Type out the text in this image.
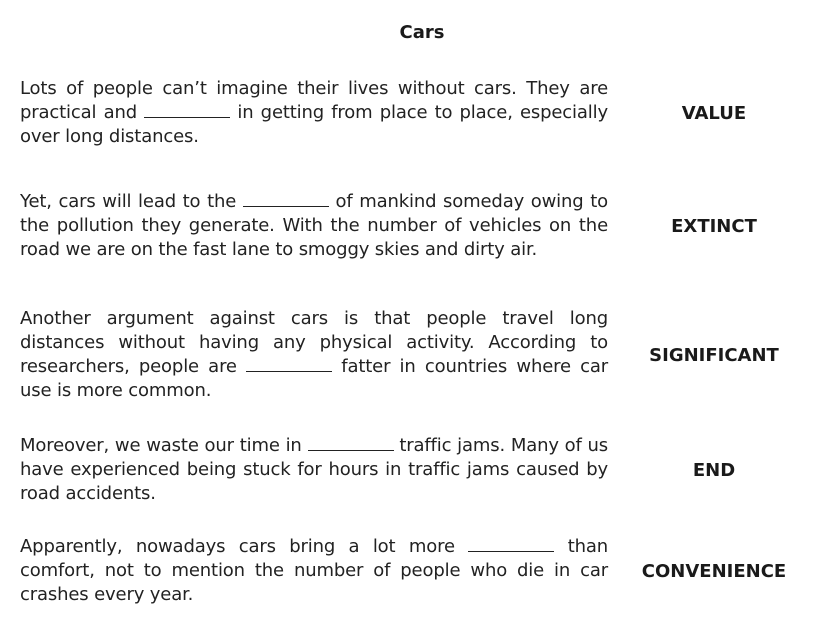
Cars

Lots of people can’t imagine their lives without cars. They are practical and	in getting from place to place, especially over long distances.

VALUE

Yet, cars will lead to the	of mankind someday owing to the pollution they generate. With the number of vehicles on the road we are on the fast lane to smoggy skies and dirty air.

EXTINCT

Another argument against cars is that people travel long distances without having any physical activity. According to researchers, people are	fatter in countries where car use is more common.

SIGNIFICANT

Moreover, we waste our time in	traffic jams. Many of us have experienced being stuck for hours in traffic jams caused by road accidents.

END

Apparently, nowadays cars bring a lot more	than comfort, not to mention the number of people who die in car crashes every year.

CONVENIENCE
